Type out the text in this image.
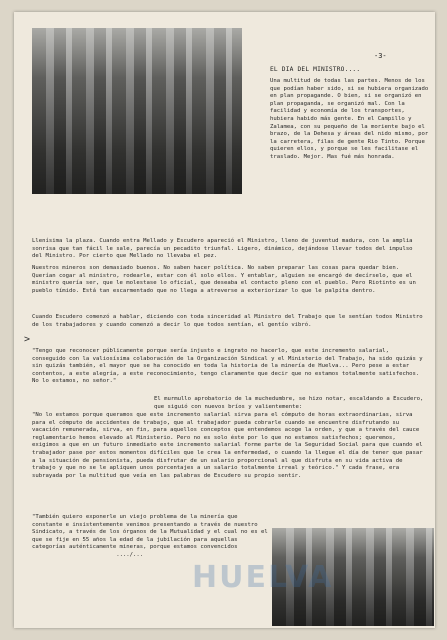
-3-
EL DIA DEL MINISTRO....

Una multitud de todas las partes. Menos de los que podían haber sido, si se hubiera organizado en plan propagande. O bien, si se organizó en plan propaganda, se organizó mal. Con la facilidad y economía de los transportes, hubiera habido más gente. En el Campillo y Zalamea, con su pequeño de la moriente bajo el brazo, de la Dehesa y áreas del nido mismo, por la carretera, filas de gente Rio Tinto. Porque quieren ellos, y porque se les facilitase el traslado. Mejor. Mas fué más honrada.

Llenísima la plaza. Cuando entra Mellado y Escudero apareció el Ministro, lleno de juventud madura, con la amplia sonrisa que tan fácil le sale, parecía un pecadito triunfal. Ligero, dinámico, dejándose llevar todos del impulso del Ministro. Por cierto que Mellado no llevaba el pez.

Nuestros mineros son demasiado buenos. No saben hacer política. No saben preparar las cosas para quedar bien. Querían cogar al ministro, rodearle, estar con él solo ellos. Y entablar, alguien se encargó de decírselo, que el ministro quería ser, que le molestase lo oficial, que deseaba el contacto pleno con el pueblo. Pero Riotinto es un pueblo tímido. Está tan escarmentado que no llega a atreverse a exteriorizar lo que le palpita dentro.

Cuando Escudero comenzó a hablar, diciendo con toda sinceridad al Ministro del Trabajo que le sentían todos Ministro de los trabajadores y cuando comenzó a decir lo que todos sentían, el gentío vibró.

>

"Tengo que reconocer públicamente porque sería injusto e ingrato no hacerlo, que este incremento salarial, conseguido con la valiosísima colaboración de la Organización Sindical y el Ministerio del Trabajo, ha sido quizás y sin quizás también, el mayor que se ha conocido en toda la historia de la minería de Huelva... Pero pese a estar contentos, a este alegría, a este reconocimiento, tengo claramente que decir que no estamos totalmente satisfechos. No lo estamos, no señor."

El murmullo aprobatorio de la muchedumbre, se hizo notar, escaldando a Escudero, que siguió con nuevos bríos y valientemente:

"No lo estamos porque queramos que este incremento salarial sirva para el cómputo de horas extraordinarias, sirva para el cómputo de accidentes de trabajo, que al trabajador pueda cobrarle cuando se encuentre disfrutando su vacación remunerada, sirva, en fin, para aquellos conceptos que entendemos acoge la orden, y que a través del cauce reglamentario hemos elevado al Ministerio. Pero no es solo éste por lo que no estamos satisfechos; queremos, exigimos a que en un futuro inmediato este incremento salarial forme parte de la Seguridad Social para que cuando el trabajador pase por estos momentos difíciles que le crea la enfermedad, o cuando la llegue el día de tener que pasar a la situación de pensionista, pueda disfrutar de un salario proporcional al que disfruta en su vida activa de trabajo y que no se le apliquen unos porcentajes a un salario totalmente irreal y teórico." Y cada frase, era subrayada por la multitud que veía en las palabras de Escudero su propio sentir.

"También quiero exponerle un viejo problema de la minería que constante e insistentemente venimos presentando a través de nuestro Sindicato, a través de los órganos de la Mutualidad y el cual no es el que se fije en 55 años la edad de la jubilación para aquellas categorías auténticamente mineras, porque estamos convencidos
..../...

HUELVA
